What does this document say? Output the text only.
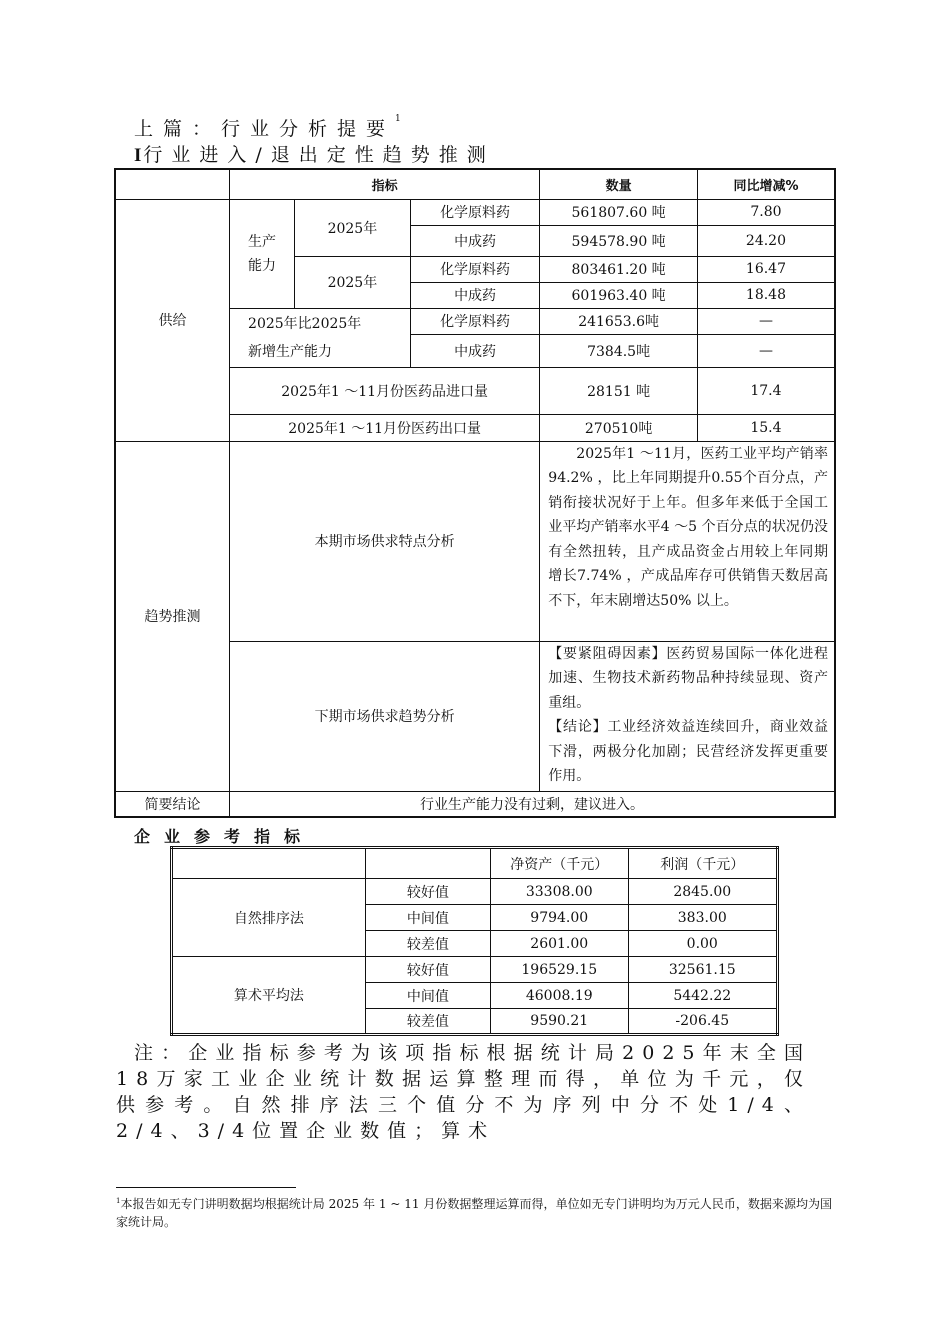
上篇：行业分析提要$^1$
I行业进入/退出定性趋势推测
	指标			数量	同比增减%
供给	生产能力	2025年	化学原料药	561807.60 吨	7.80
			中成药	594578.90 吨	24.20
		2025年	化学原料药	803461.20 吨	16.47
			中成药	601963.40 吨	18.48
	2025年比2025年新增生产能力		化学原料药	241653.6吨	—
			中成药	7384.5吨	—
	2025年1 ～11月份医药品进口量			28151 吨	17.4
	2025年1 ～11月份医药出口量			270510吨	15.4
趋势推测	本期市场供求特点分析			2025年1 ～11月，医药工业平均产销率94.2% ，比上年同期提升0.55个百分点，产销衔接状况好于上年。但多年来低于全国工业平均产销率水平4 ～5 个百分点的状况仍没有全然扭转，且产成品资金占用较上年同期增长7.74% ，产成品库存可供销售天数居高不下，年末剧增达50% 以上。	
	下期市场供求趋势分析			【要紧阻碍因素】医药贸易国际一体化进程加速、生物技术新药物品种持续显现、资产重组。
【结论】工业经济效益连续回升，商业效益下滑，两极分化加剧；民营经济发挥更重要作用。	

简要结论	行业生产能力没有过剩，建议进入。				
企业参考指标
		净资产（千元）	利润（千元）
自然排序法	较好值	33308.00	2845.00
	中间值	9794.00	383.00
	较差值	2601.00	0.00
算术平均法	较好值	196529.15	32561.15
	中间值	46008.19	5442.22
	较差值	9590.21	-206.45
注：企业指标参考为该项指标根据统计局2025年末全国18万家工业企业统计数据运算整理而得，单位为千元，仅供参考。自然排序法三个值分不为序列中分不处1/4、2/4、3/4位置企业数值；算术
$^1$本报告如无专门讲明数据均根据统计局 2025 年 1 ~ 11 月份数据整理运算而得，单位如无专门讲明均为万元人民币，数据来源均为国家统计局。
